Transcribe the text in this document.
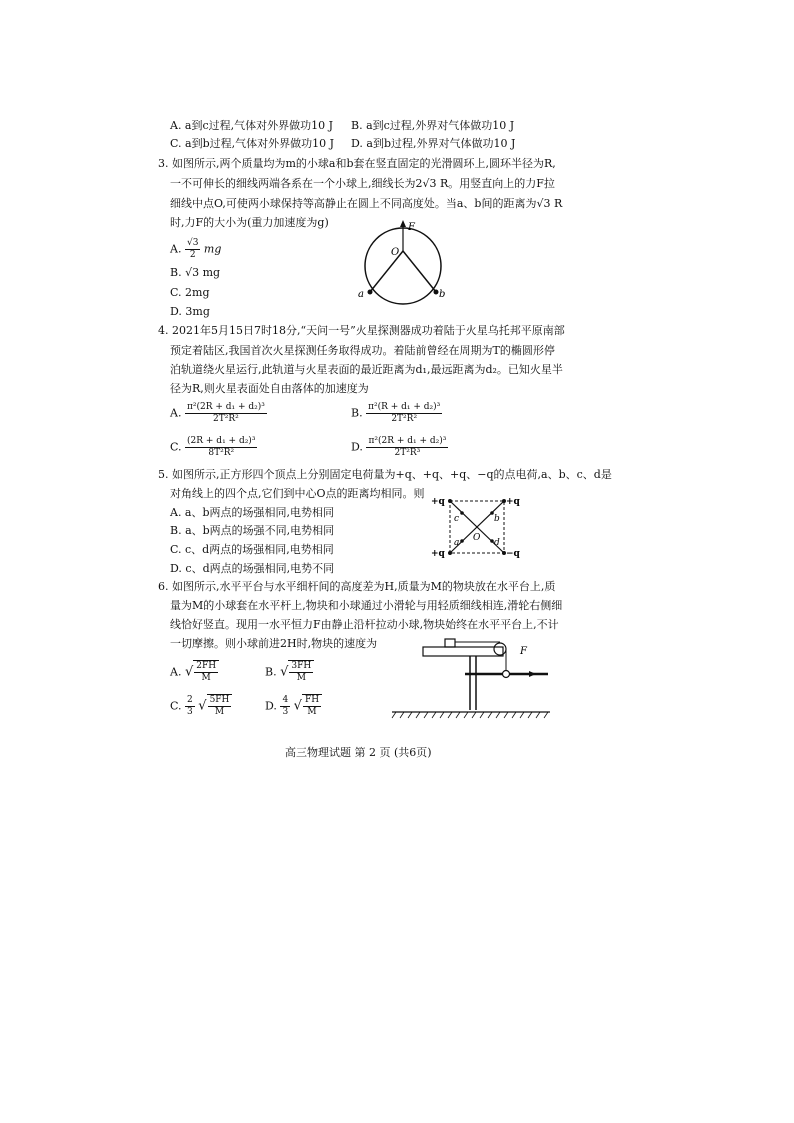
A. a到c过程,气体对外界做功10 J B. a到c过程,外界对气体做功10 J
C. a到b过程,气体对外界做功10 J D. a到b过程,外界对气体做功10 J
3. 如图所示,两个质量均为m的小球a和b套在竖直固定的光滑圆环上,圆环半径为R,
一不可伸长的细线两端各系在一个小球上,细线长为2√3 R。用竖直向上的力F拉
细线中点O,可使两小球保持等高静止在圆上不同高度处。当a、b间的距离为√3 R
时,力F的大小为(重力加速度为g)
A. $\frac{√3}{2}$ mg
B. √3 mg
C. 2mg
D. 3mg
F
O
a	b
4. 2021年5月15日7时18分,“天问一号”火星探测器成功着陆于火星乌托邦平原南部
预定着陆区,我国首次火星探测任务取得成功。着陆前曾经在周期为T的椭圆形停
泊轨道绕火星运行,此轨道与火星表面的最近距离为d₁,最远距离为d₂。已知火星半
径为R,则火星表面处自由落体的加速度为
A. $\frac{\text{π²(2R + d₁ + d₂)³}}{\text{2T²R²}}$	B. $\frac{\text{π²(R + d₁ + d₂)³}}{\text{2T²R²}}$
C. $\frac{\text{(2R + d₁ + d₂)³}}{\text{8T²R²}}$	D. $\frac{\text{π²(2R + d₁ + d₂)³}}{\text{2T²R³}}$
5. 如图所示,正方形四个顶点上分别固定电荷量为+q、+q、+q、−q的点电荷,a、b、c、d是
对角线上的四个点,它们到中心O点的距离均相同。则
A. a、b两点的场强相同,电势相同
B. a、b两点的场强不同,电势相同
C. c、d两点的场强相同,电势相同
D. c、d两点的场强相同,电势不同
+q	+q
+q	−q
c	b
a	d
O
6. 如图所示,水平平台与水平细杆间的高度差为H,质量为M的物块放在水平台上,质
量为M的小球套在水平杆上,物块和小球通过小滑轮与用轻质细线相连,滑轮右侧细
线恰好竖直。现用一水平恒力F由静止沿杆拉动小球,物块始终在水平平台上,不计
一切摩擦。则小球前进2H时,物块的速度为
A. √ $\frac{2FH}{M}$	B. √ $\frac{3FH}{M}$
C. $\frac{2}{3}$ √ $\frac{5FH}{M}$	D. $\frac{4}{3}$ √ $\frac{FH}{M}$
F
高三物理试题 第 2 页 (共6页)
